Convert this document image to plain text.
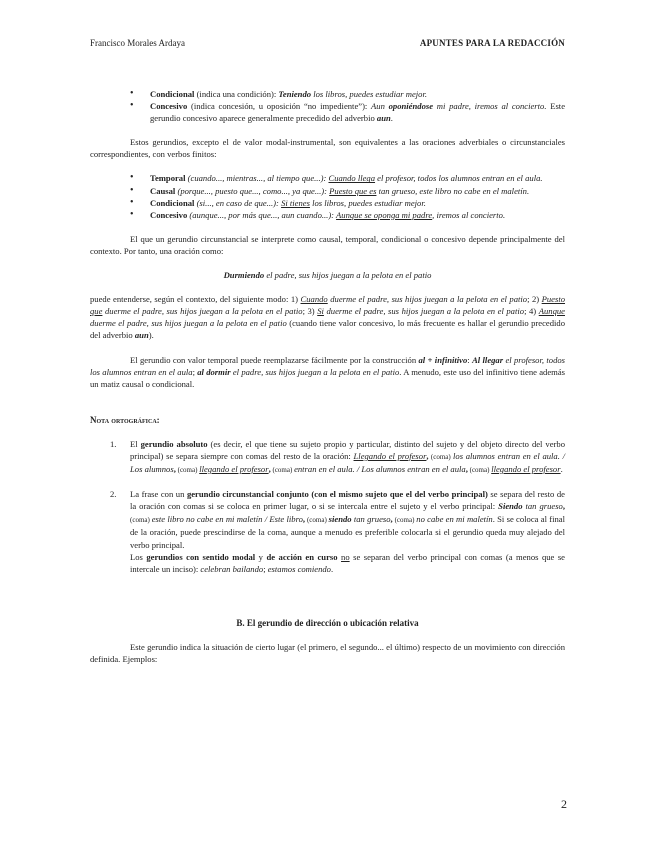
Francisco Morales Ardaya	APUNTES PARA LA REDACCIÓN
• Condicional (indica una condición): Teniendo los libros, puedes estudiar mejor.
• Concesivo (indica concesión, u oposición “no impediente”): Aun oponiéndose mi padre, iremos al concierto. Este gerundio concesivo aparece generalmente precedido del adverbio aun.

Estos gerundios, excepto el de valor modal-instrumental, son equivalentes a las oraciones adverbiales o circunstanciales correspondientes, con verbos finitos:

• Temporal (cuando..., mientras..., al tiempo que...): Cuando llega el profesor, todos los alumnos entran en el aula.
• Causal (porque..., puesto que..., como..., ya que...): Puesto que es tan grueso, este libro no cabe en el maletín.
• Condicional (si..., en caso de que...): Si tienes los libros, puedes estudiar mejor.
• Concesivo (aunque..., por más que..., aun cuando...): Aunque se oponga mi padre, iremos al concierto.

El que un gerundio circunstancial se interprete como causal, temporal, condicional o concesivo depende principalmente del contexto. Por tanto, una oración como:

Durmiendo el padre, sus hijos juegan a la pelota en el patio

puede entenderse, según el contexto, del siguiente modo: 1) Cuando duerme el padre, sus hijos juegan a la pelota en el patio; 2) Puesto que duerme el padre, sus hijos juegan a la pelota en el patio; 3) Si duerme el padre, sus hijos juegan a la pelota en el patio; 4) Aunque duerme el padre, sus hijos juegan a la pelota en el patio (cuando tiene valor concesivo, lo más frecuente es hallar el gerundio precedido del adverbio aun).

El gerundio con valor temporal puede reemplazarse fácilmente por la construcción al + infinitivo: Al llegar el profesor, todos los alumnos entran en el aula; al dormir el padre, sus hijos juegan a la pelota en el patio. A menudo, este uso del infinitivo tiene además un matiz causal o condicional.

Nota ortográfica:

1. El gerundio absoluto (es decir, el que tiene su sujeto propio y particular, distinto del sujeto y del objeto directo del verbo principal) se separa siempre con comas del resto de la oración: Llegando el profesor, (coma) los alumnos entran en el aula. / Los alumnos, (coma) llegando el profesor, (coma) entran en el aula. / Los alumnos entran en el aula, (coma) llegando el profesor.
2. La frase con un gerundio circunstancial conjunto (con el mismo sujeto que el del verbo principal) se separa del resto de la oración con comas si se coloca en primer lugar, o si se intercala entre el sujeto y el verbo principal: Siendo tan grueso, (coma) este libro no cabe en mi maletín / Este libro, (coma) siendo tan grueso, (coma) no cabe en mi maletín. Si se coloca al final de la oración, puede prescindirse de la coma, aunque a menudo es preferible colocarla si el gerundio queda muy alejado del verbo principal.
Los gerundios con sentido modal y de acción en curso no se separan del verbo principal con comas (a menos que se intercale un inciso): celebran bailando; estamos comiendo.

B. El gerundio de dirección o ubicación relativa

Este gerundio indica la situación de cierto lugar (el primero, el segundo... el último) respecto de un movimiento con dirección definida. Ejemplos:

2
